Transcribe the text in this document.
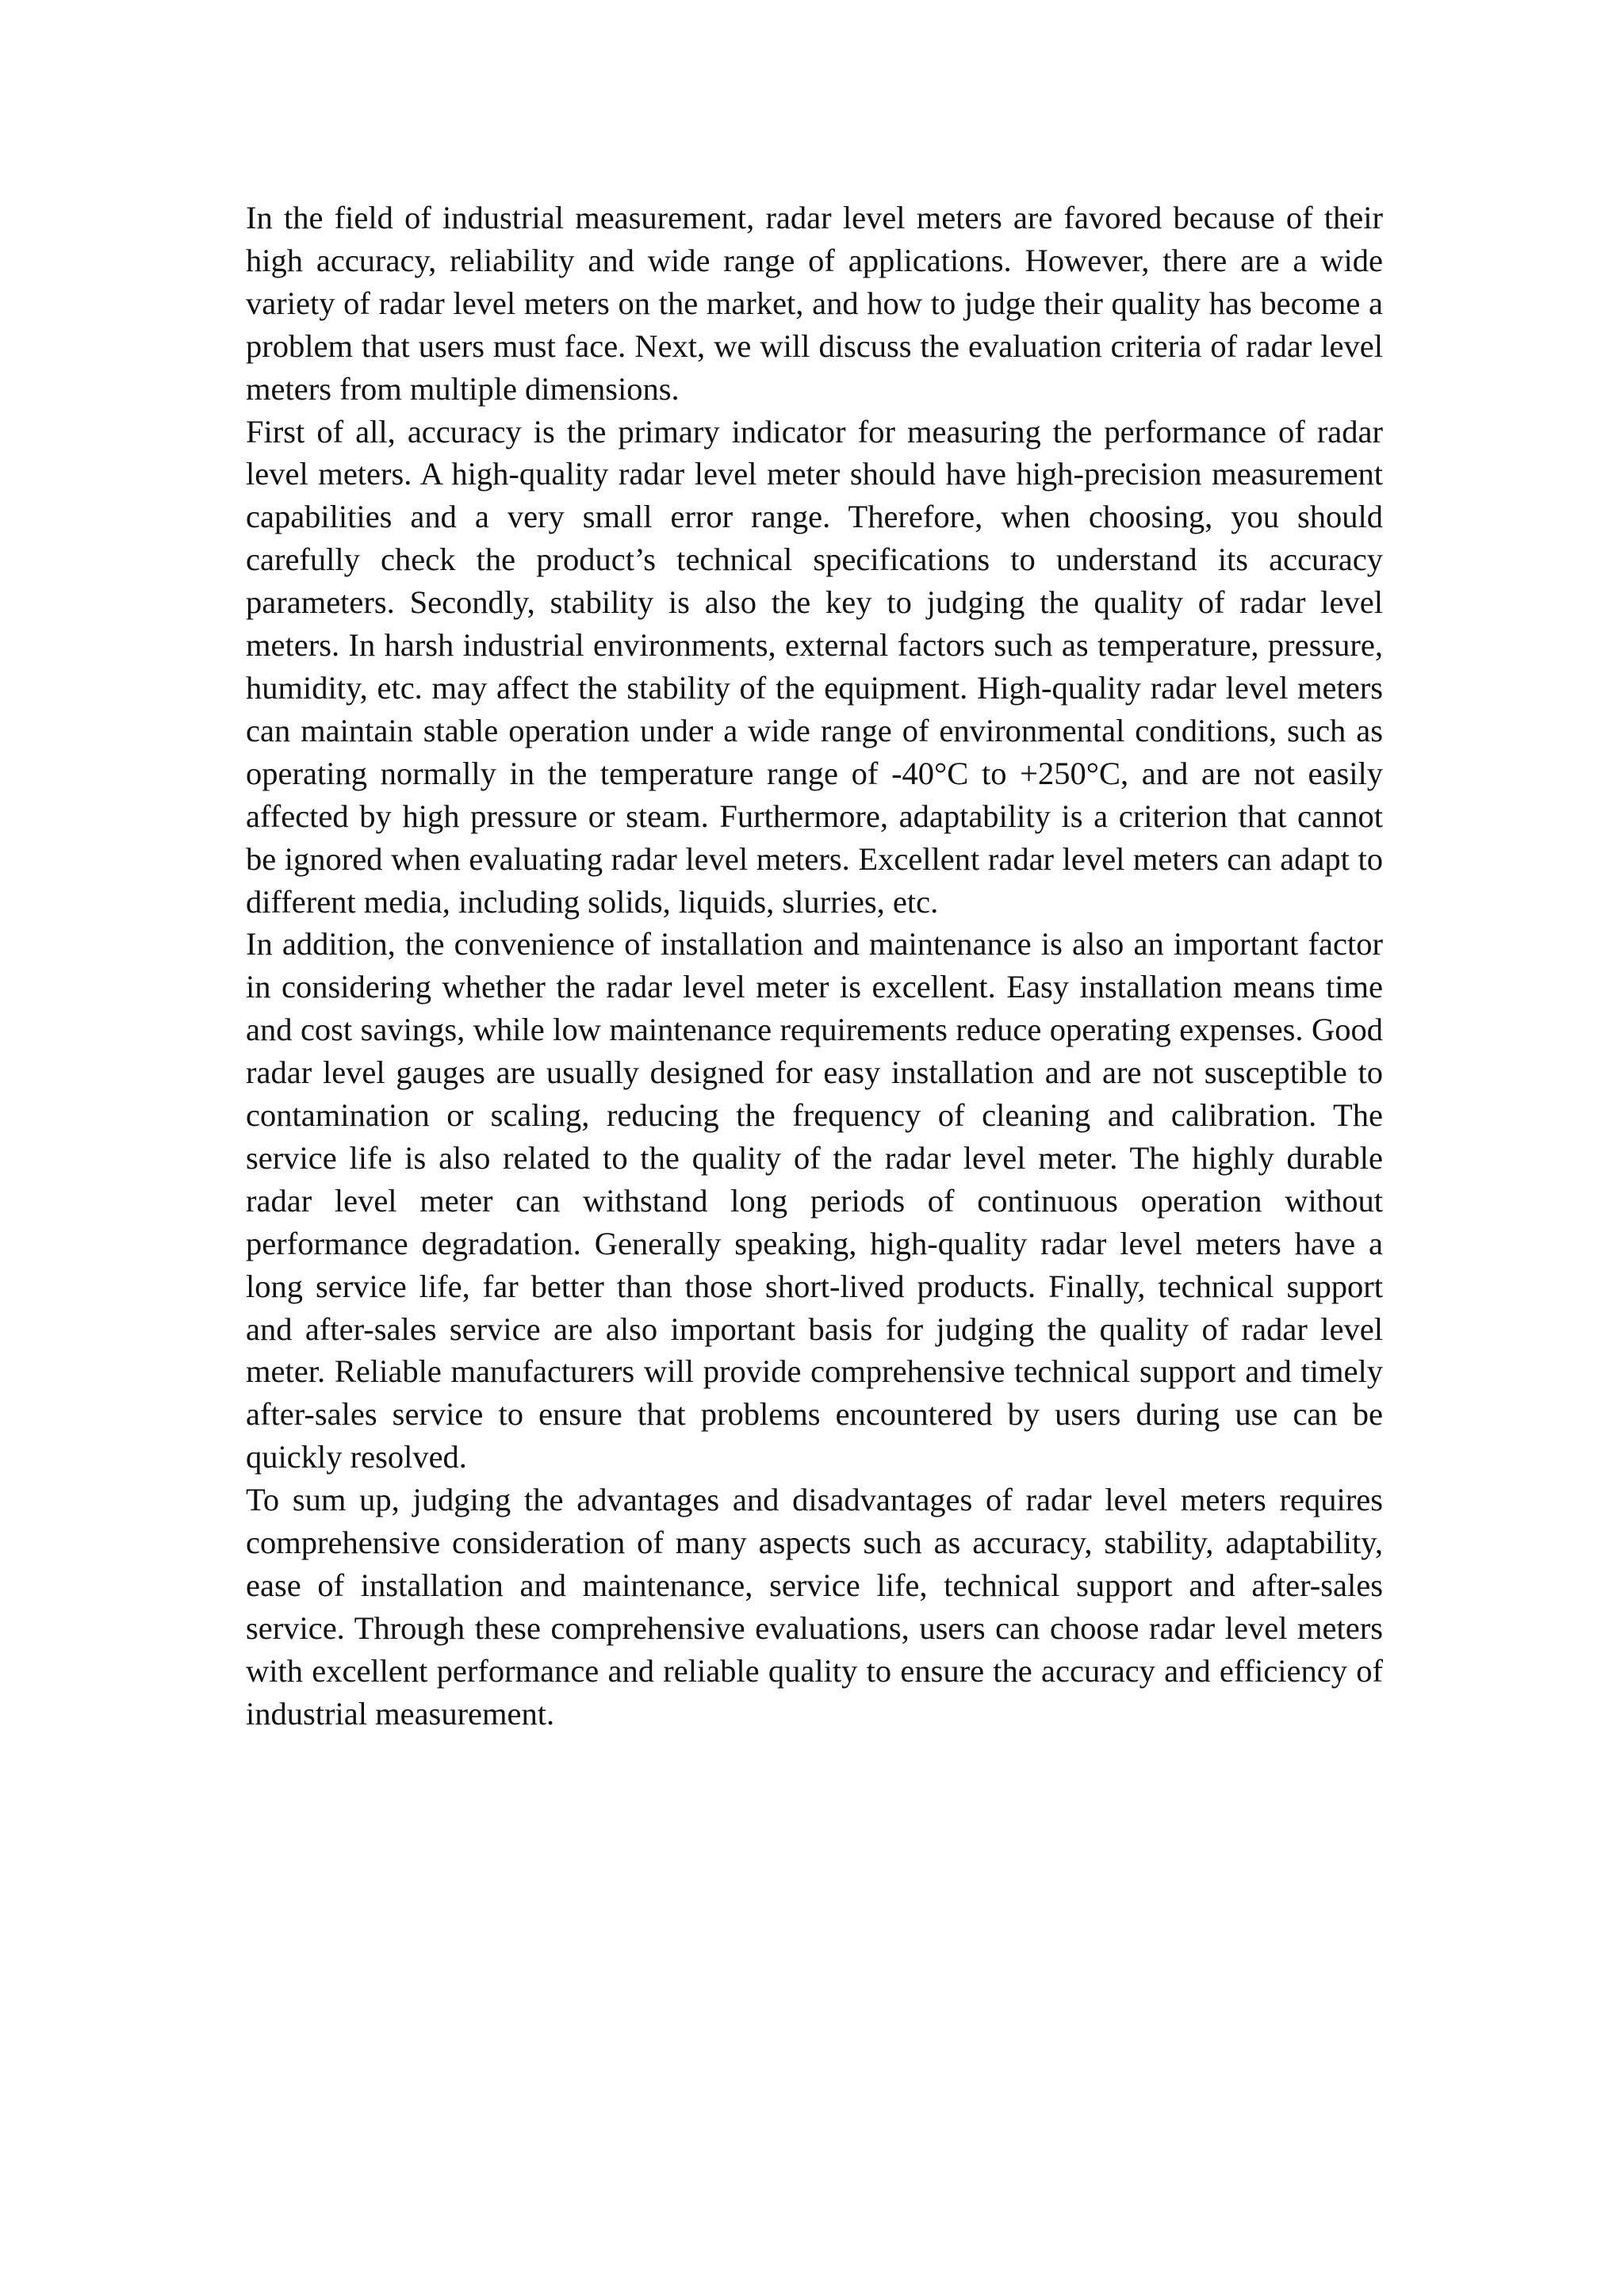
In the field of industrial measurement, radar level meters are favored because of their high accuracy, reliability and wide range of applications. However, there are a wide variety of radar level meters on the market, and how to judge their quality has become a problem that users must face. Next, we will discuss the evaluation criteria of radar level meters from multiple dimensions.

First of all, accuracy is the primary indicator for measuring the performance of radar level meters. A high-quality radar level meter should have high-precision measurement capabilities and a very small error range. Therefore, when choosing, you should carefully check the product’s technical specifications to understand its accuracy parameters. Secondly, stability is also the key to judging the quality of radar level meters. In harsh industrial environments, external factors such as temperature, pressure, humidity, etc. may affect the stability of the equipment. High-quality radar level meters can maintain stable operation under a wide range of environmental conditions, such as operating normally in the temperature range of -40°C to +250°C, and are not easily affected by high pressure or steam. Furthermore, adaptability is a criterion that cannot be ignored when evaluating radar level meters. Excellent radar level meters can adapt to different media, including solids, liquids, slurries, etc.

In addition, the convenience of installation and maintenance is also an important factor in considering whether the radar level meter is excellent. Easy installation means time and cost savings, while low maintenance requirements reduce operating expenses. Good radar level gauges are usually designed for easy installation and are not susceptible to contamination or scaling, reducing the frequency of cleaning and calibration. The service life is also related to the quality of the radar level meter. The highly durable radar level meter can withstand long periods of continuous operation without performance degradation. Generally speaking, high-quality radar level meters have a long service life, far better than those short-lived products. Finally, technical support and after-sales service are also important basis for judging the quality of radar level meter. Reliable manufacturers will provide comprehensive technical support and timely after-sales service to ensure that problems encountered by users during use can be quickly resolved.

To sum up, judging the advantages and disadvantages of radar level meters requires comprehensive consideration of many aspects such as accuracy, stability, adaptability, ease of installation and maintenance, service life, technical support and after-sales service. Through these comprehensive evaluations, users can choose radar level meters with excellent performance and reliable quality to ensure the accuracy and efficiency of industrial measurement.
